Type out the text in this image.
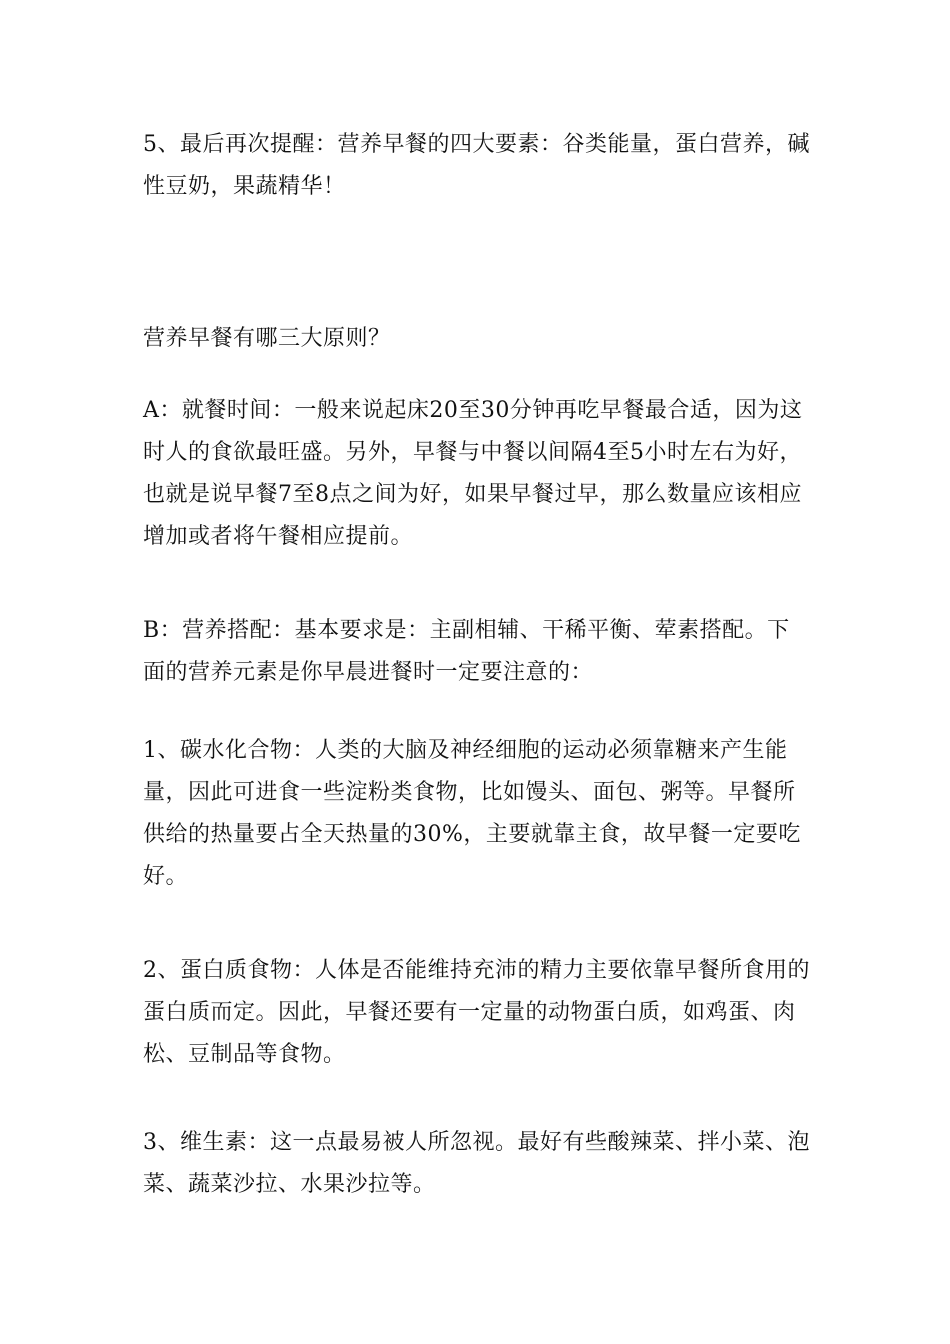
5、最后再次提醒：营养早餐的四大要素：谷类能量，蛋白营养，碱性豆奶，果蔬精华！

营养早餐有哪三大原则？

A：就餐时间：一般来说起床20至30分钟再吃早餐最合适，因为这时人的食欲最旺盛。另外，早餐与中餐以间隔4至5小时左右为好，也就是说早餐7至8点之间为好，如果早餐过早，那么数量应该相应增加或者将午餐相应提前。

B：营养搭配：基本要求是：主副相辅、干稀平衡、荤素搭配。下面的营养元素是你早晨进餐时一定要注意的：

1、碳水化合物：人类的大脑及神经细胞的运动必须靠糖来产生能量，因此可进食一些淀粉类食物，比如馒头、面包、粥等。早餐所供给的热量要占全天热量的30%，主要就靠主食，故早餐一定要吃好。

2、蛋白质食物：人体是否能维持充沛的精力主要依靠早餐所食用的蛋白质而定。因此，早餐还要有一定量的动物蛋白质，如鸡蛋、肉松、豆制品等食物。

3、维生素：这一点最易被人所忽视。最好有些酸辣菜、拌小菜、泡菜、蔬菜沙拉、水果沙拉等。
